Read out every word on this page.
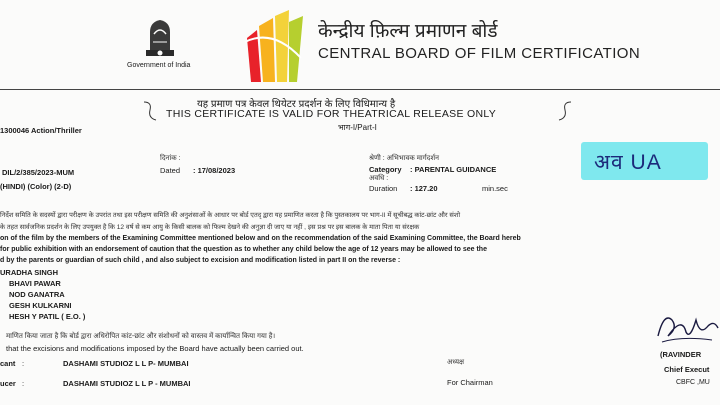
Government of India
केन्द्रीय फ़िल्म प्रमाणन बोर्ड
CENTRAL BOARD OF FILM CERTIFICATION
यह प्रमाण पत्र केवल थियेटर प्रदर्शन के लिए विधिमान्य है
THIS CERTIFICATE IS VALID FOR THEATRICAL RELEASE ONLY
भाग-I/Part-I
1300046 Action/Thriller
DIL/2/385/2023-MUM
(HINDI) (Color) (2-D)
दिनांक :
Dated : 17/08/2023
श्रेणी : अभिभावक मार्गदर्शन
Category : PARENTAL GUIDANCE
अवधि :
Duration : 127.20	min.sec
अव UA
निर्देश समिति के सदस्यों द्वारा परीक्षण के उपरांत तथा इस परीक्षण समिति की अनुशंसाओं के आधार पर बोर्ड एतद् द्वारा यह प्रमाणित करता है कि पुस्तकालय पर भाग-II में सूचीबद्ध कांट-छांट और संशो
के तहत सार्वजनिक प्रदर्शन के लिए उपयुक्त है कि 12 वर्ष से कम आयु के किसी बालक को फिल्म देखने की अनुज्ञा दी जाए या नहीं , इस प्रश्न पर इस बालक के माता पिता या संरक्षक
on of the film by the members of the Examining Committee mentioned below and on the recommendation of the said Examining Committee, the Board hereb
for public exhibition with an endorsement of caution that the question as to whether any child below the age of 12 years may be allowed to see the
d by the parents or guardian of such child , and also subject to excision and modification listed in part II on the reverse :
URADHA SINGH
BHAVI PAWAR
NOD GANATRA
GESH KULKARNI
HESH Y PATIL ( E.O. )
माणित किया जाता है कि बोर्ड द्वारा अधिरोपित कांट-छांट और संशोधनों को वास्तव में कार्यान्वित किया गया है।
that the excisions and modifications imposed by the Board have actually been carried out.
cant :	DASHAMI STUDIOZ L L P- MUMBAI
ucer :	DASHAMI STUDIOZ L L P - MUMBAI
अध्यक्ष
For Chairman
(RAVINDER
Chief Execut
CBFC ,MU
